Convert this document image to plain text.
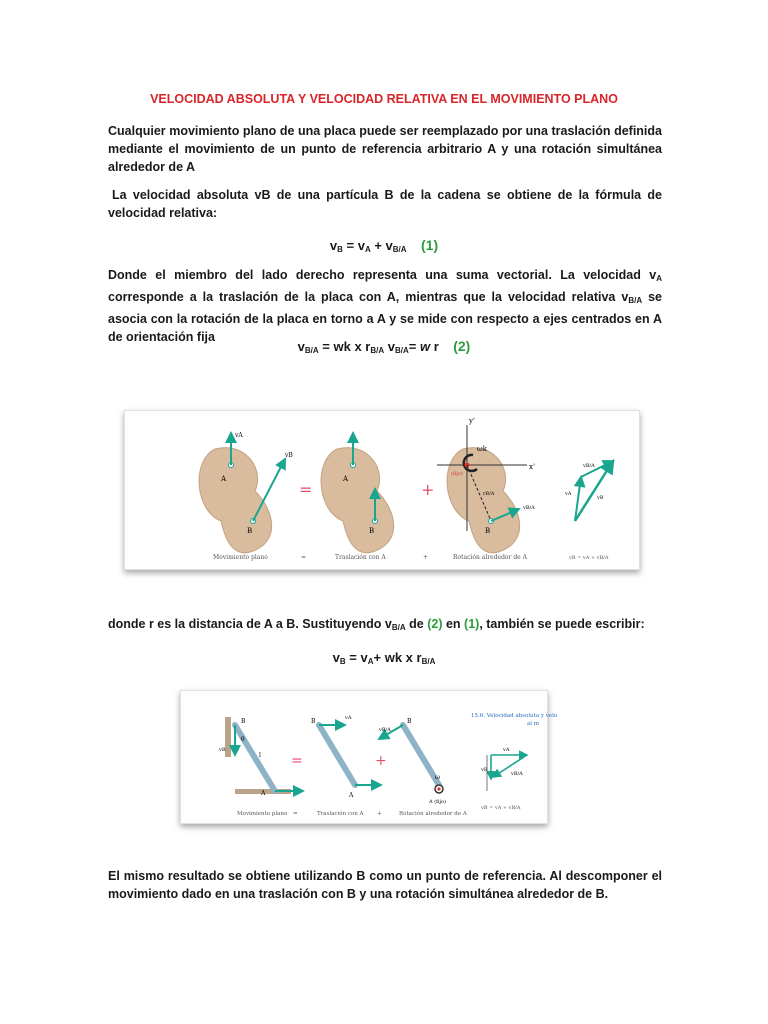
VELOCIDAD ABSOLUTA Y VELOCIDAD RELATIVA EN EL MOVIMIENTO PLANO
Cualquier movimiento plano de una placa puede ser reemplazado por una traslación definida mediante el movimiento de un punto de referencia arbitrario A y una rotación simultánea alrededor de A
La velocidad absoluta vB de una partícula B de la cadena se obtiene de la fórmula de velocidad relativa:
$v_B = v_A + v_{B/A}$ (1)
Donde el miembro del lado derecho representa una suma vectorial. La velocidad $v_A$ corresponde a la traslación de la placa con A, mientras que la velocidad relativa $v_{B/A}$ se asocia con la rotación de la placa en torno a A y se mide con respecto a ejes centrados en A de orientación fija
$v_{B/A}$ = wk x $r_{B/A}$ $v_{B/A}= w$ r (2)
A
B
vA
vB
=
A
B
+
y'
x'
ωk
(fijo)
rB/A
vB/A
B
vA
vB/A
vB
Movimiento plano	=	Traslación con A	+	Rotación alrededor de A	vB = vA + vB/A
donde r es la distancia de A a B. Sustituyendo $v_{B/A}$ de (2) en (1), también se puede escribir:
$v_B = v_A+$ wk x $r_{B/A}$
B
A
l
θ
vB
=
B
A
vA
+
B
vB/A
ω
A (fijo)
15.6. Velocidad absoluta y velo
al m
vA
vB
vB/A
Movimiento plano =	Traslación con A +	Rotación alrededor de A
vB = vA + vB/A
El mismo resultado se obtiene utilizando B como un punto de referencia. Al descomponer el movimiento dado en una traslación con B y una rotación simultánea alrededor de B.
